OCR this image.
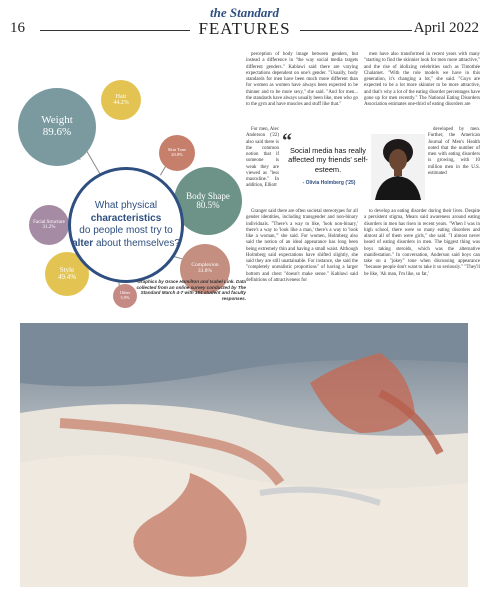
the Standard
FEATURES
16	April 2022
Weight
89.6%
Hair
44.2%
Skin Tone
20.8%
Body Shape
80.5%
Facial Structure
31.2%
Style
49.4%
Complexion
33.8%
Other
3.9%
What physical
characteristics
do people most try to alter about themselves?
Graphics by Grace Hamilton and Isabel Link. Data collected from an online survey conducted by The Standard March 4-7 with 154 student and faculty responses.

perception of body image between genders, but instead a difference in "the way social media targets different genders." Kablawi said there are varying expectations dependent on one's gender. "Usually, body standards for men have been much more different than for women as women have always been expected to be thinner and to be more sexy," she said. "And for men... the standards have always usually been like, men who go to the gym and have muscles and stuff like that."

For men, Alec Anderson ('22) also said there is the common notion that if someone is weak they are viewed as "less masculine." In addition, Elliott

Granger said there are often societal stereotypes for all gender identities, including transgender and non-binary individuals. "There's a way to like, 'look non-binary,' there's a way to 'look like a man,' there's a way to 'look like a woman,'" she said. For women, Holmberg also said the notion of an ideal appearance has long been being extremely thin and having a small waist. Although Holmberg said expectations have shifted slightly, she said they are still unattainable. For instance, she said the "completely unrealistic proportions" of having a larger bottom and chest "doesn't make sense." Kablawi said definitions of attractiveness for

men have also transformed in recent years with many "starting to find the skinnier look for men more attractive," and the rise of idolizing celebrities such as Timothée Chalamet. "With the role models we have in this generation, it's changing a lot," she said. "Guys are expected to be a lot more skinnier to be more attractive, and that's why a lot of the eating disorder percentages have gone up for men recently." The National Eating Disorders Association estimates one-third of eating disorders are

developed by men. Further, the American Journal of Men's Health noted that the number of men with eating disorders is growing, with 10 million men in the U.S. estimated

to develop an eating disorder during their lives. Despite a persistent stigma, Mears said awareness around eating disorders in men has risen in recent years. "When I was in high school, there were so many eating disorders and almost all of them were girls," she said. "I almost never heard of eating disorders in men. The biggest thing was boys taking steroids, which was the alternative manifestation." In conversation, Anderson said boys can take on a "jokey" tone when discussing appearance "because people don't want to take it so seriously." "They'll be like, 'Ah man, I'm like, so fat,'

“
Social media has really affected my friends' self-esteem.
- Olivia Holmberg ('25)
